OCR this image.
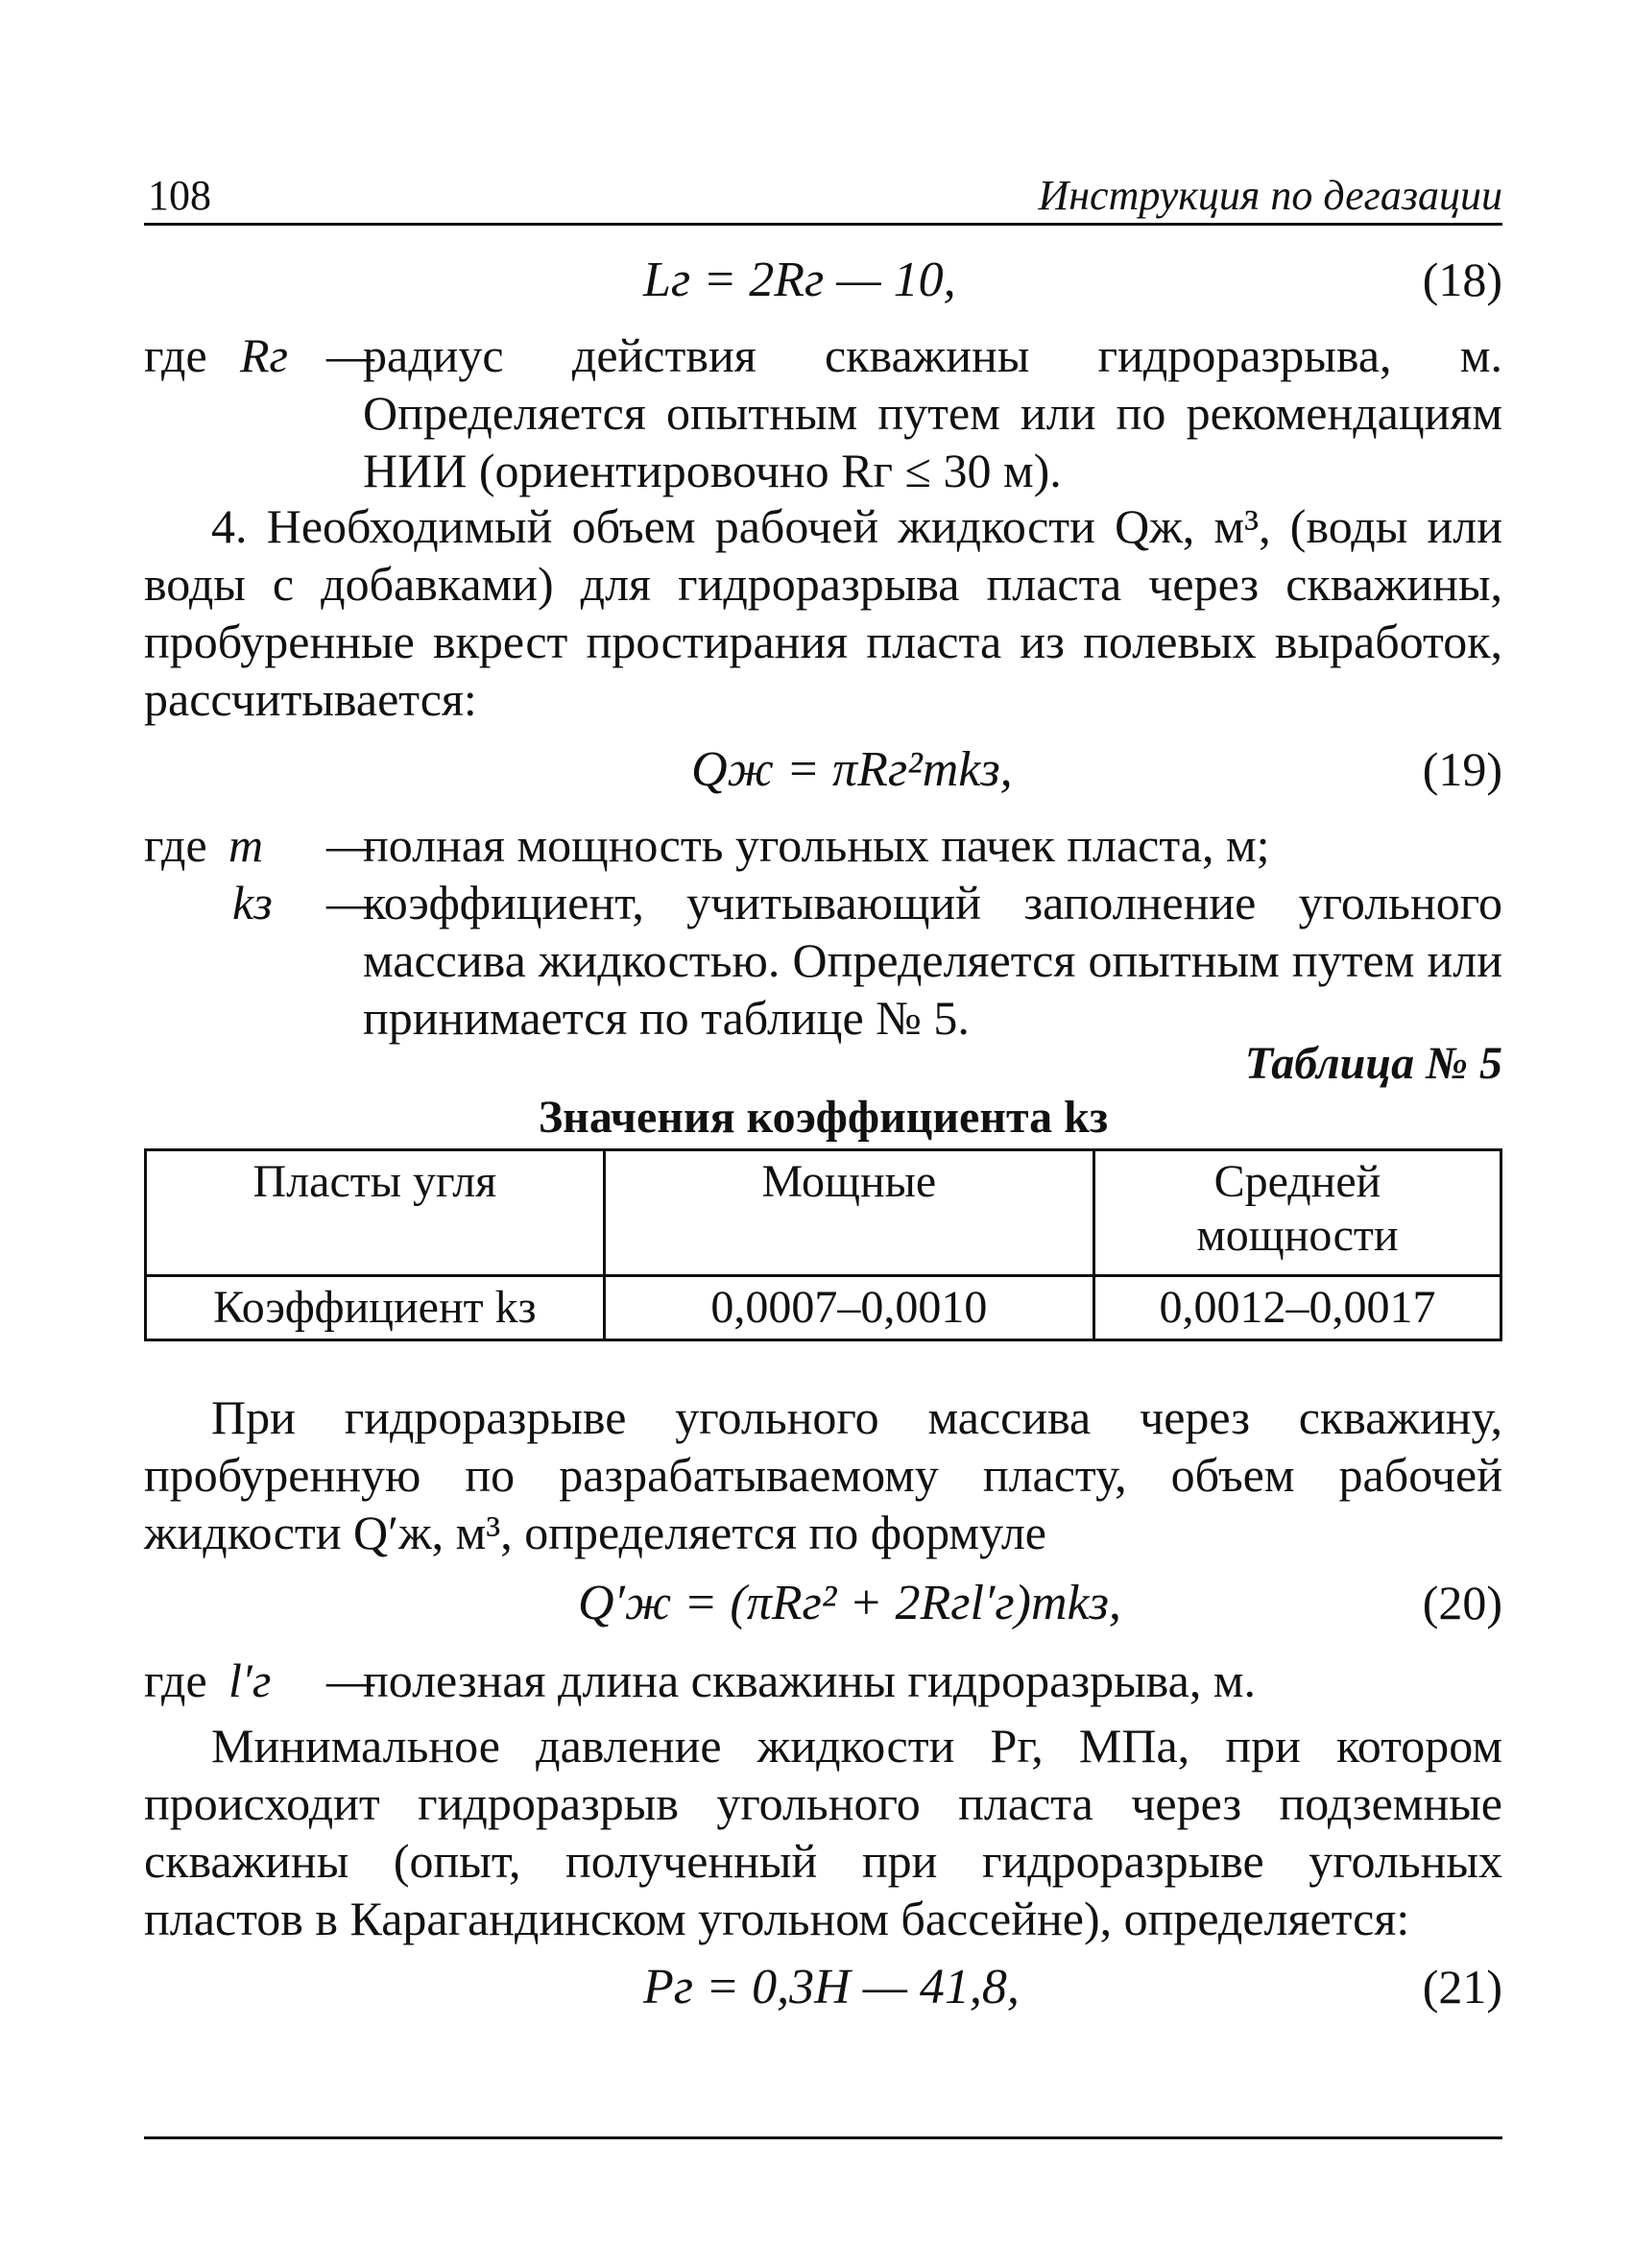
108	Инструкция по дегазации
Lг = 2Rг — 10,	(18)
где Rг —
радиус действия скважины гидроразрыва, м. Определяется опытным путем или по рекомендациям НИИ (ориентировочно Rг ≤ 30 м).
4. Необходимый объем рабочей жидкости Qж, м³, (воды или воды с добавками) для гидроразрыва пласта через скважины, пробуренные вкрест простирания пласта из полевых выработок, рассчитывается:
Qж = πRг²mkз,	(19)
где m —
полная мощность угольных пачек пласта, м;
kз —
коэффициент, учитывающий заполнение угольного массива жидкостью. Определяется опытным путем или принимается по таблице № 5.
Таблица № 5
Значения коэффициента kз
Пласты угля	Мощные	Средней мощности
Коэффициент kз	0,0007–0,0010	0,0012–0,0017
При гидроразрыве угольного массива через скважину, пробуренную по разрабатываемому пласту, объем рабочей жидкости Q′ж, м³, определяется по формуле
Q′ж = (πRг² + 2Rгl′г)mkз,	(20)
где l′г —
полезная длина скважины гидроразрыва, м.
Минимальное давление жидкости Pг, МПа, при котором происходит гидроразрыв угольного пласта через подземные скважины (опыт, полученный при гидроразрыве угольных пластов в Карагандинском угольном бассейне), определяется:
Pг = 0,3H — 41,8,	(21)
